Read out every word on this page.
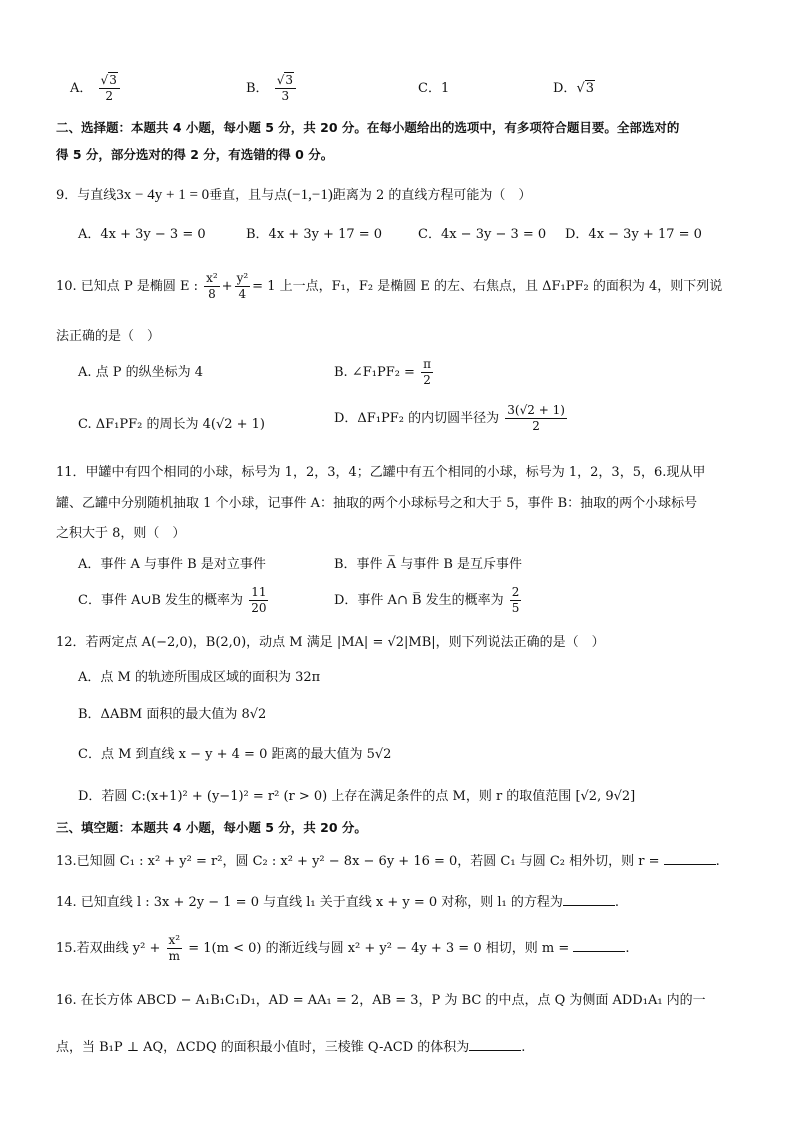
A． $\frac{√3}{2}$	B． $\frac{√3}{3}$	C．1	D．√3
二、选择题：本题共 4 小题，每小题 5 分，共 20 分。在每小题给出的选项中，有多项符合题目要。全部选对的
得 5 分，部分选对的得 2 分，有选错的得 0 分。
9．与直线3x − 4y + 1 = 0垂直，且与点(−1,−1)距离为 2 的直线方程可能为（　）
A．4x + 3y − 3 = 0	B．4x + 3y + 17 = 0	C．4x − 3y − 3 = 0 D．4x − 3y + 17 = 0
10. 已知点 P 是椭圆 E : $\frac{\text{x²}}{8} + \frac{\text{y²}}{4} = 1$ 上一点，F₁，F₂ 是椭圆 E 的左、右焦点，且 ΔF₁PF₂ 的面积为 4，则下列说
法正确的是（　）
A. 点 P 的纵坐标为 4	B. ∠F₁PF₂ = $\frac{\pi}{2}$
C. ΔF₁PF₂ 的周长为 4(√2 + 1)	D．ΔF₁PF₂ 的内切圆半径为 $\frac{3(√2 + 1)}{2}$
11．甲罐中有四个相同的小球，标号为 1，2，3，4；乙罐中有五个相同的小球，标号为 1，2，3，5，6.现从甲
罐、乙罐中分别随机抽取 1 个小球，记事件 A：抽取的两个小球标号之和大于 5，事件 B：抽取的两个小球标号
之积大于 8，则（　）
A．事件 A 与事件 B 是对立事件	B．事件 A̅ 与事件 B 是互斥事件
C．事件 A∪B 发生的概率为 $\frac{11}{20}$	D．事件 A∩ B̅ 发生的概率为 $\frac{2}{5}$
12．若两定点 A(−2,0)，B(2,0)，动点 M 满足 |MA| = √2|MB|，则下列说法正确的是（　）
A．点 M 的轨迹所围成区域的面积为 32π
B．ΔABM 面积的最大值为 8√2
C．点 M 到直线 x − y + 4 = 0 距离的最大值为 5√2
D．若圆 C:(x+1)² + (y−1)² = r² (r > 0) 上存在满足条件的点 M，则 r 的取值范围 [√2, 9√2]
三、填空题：本题共 4 小题，每小题 5 分，共 20 分。
13.已知圆 C₁ : x² + y² = r²，圆 C₂ : x² + y² − 8x − 6y + 16 = 0，若圆 C₁ 与圆 C₂ 相外切，则 r =	.
14. 已知直线 l : 3x + 2y − 1 = 0 与直线 l₁ 关于直线 x + y = 0 对称，则 l₁ 的方程为	.
15.若双曲线 $y^2 + \frac{\text{x²}}{m} = 1(m < 0)$ 的渐近线与圆 x² + y² − 4y + 3 = 0 相切，则 m =	.
16. 在长方体 ABCD − A₁B₁C₁D₁，AD = AA₁ = 2，AB = 3，P 为 BC 的中点，点 Q 为侧面 ADD₁A₁ 内的一
点，当 B₁P ⊥ AQ，ΔCDQ 的面积最小值时，三棱锥 Q-ACD 的体积为	.
